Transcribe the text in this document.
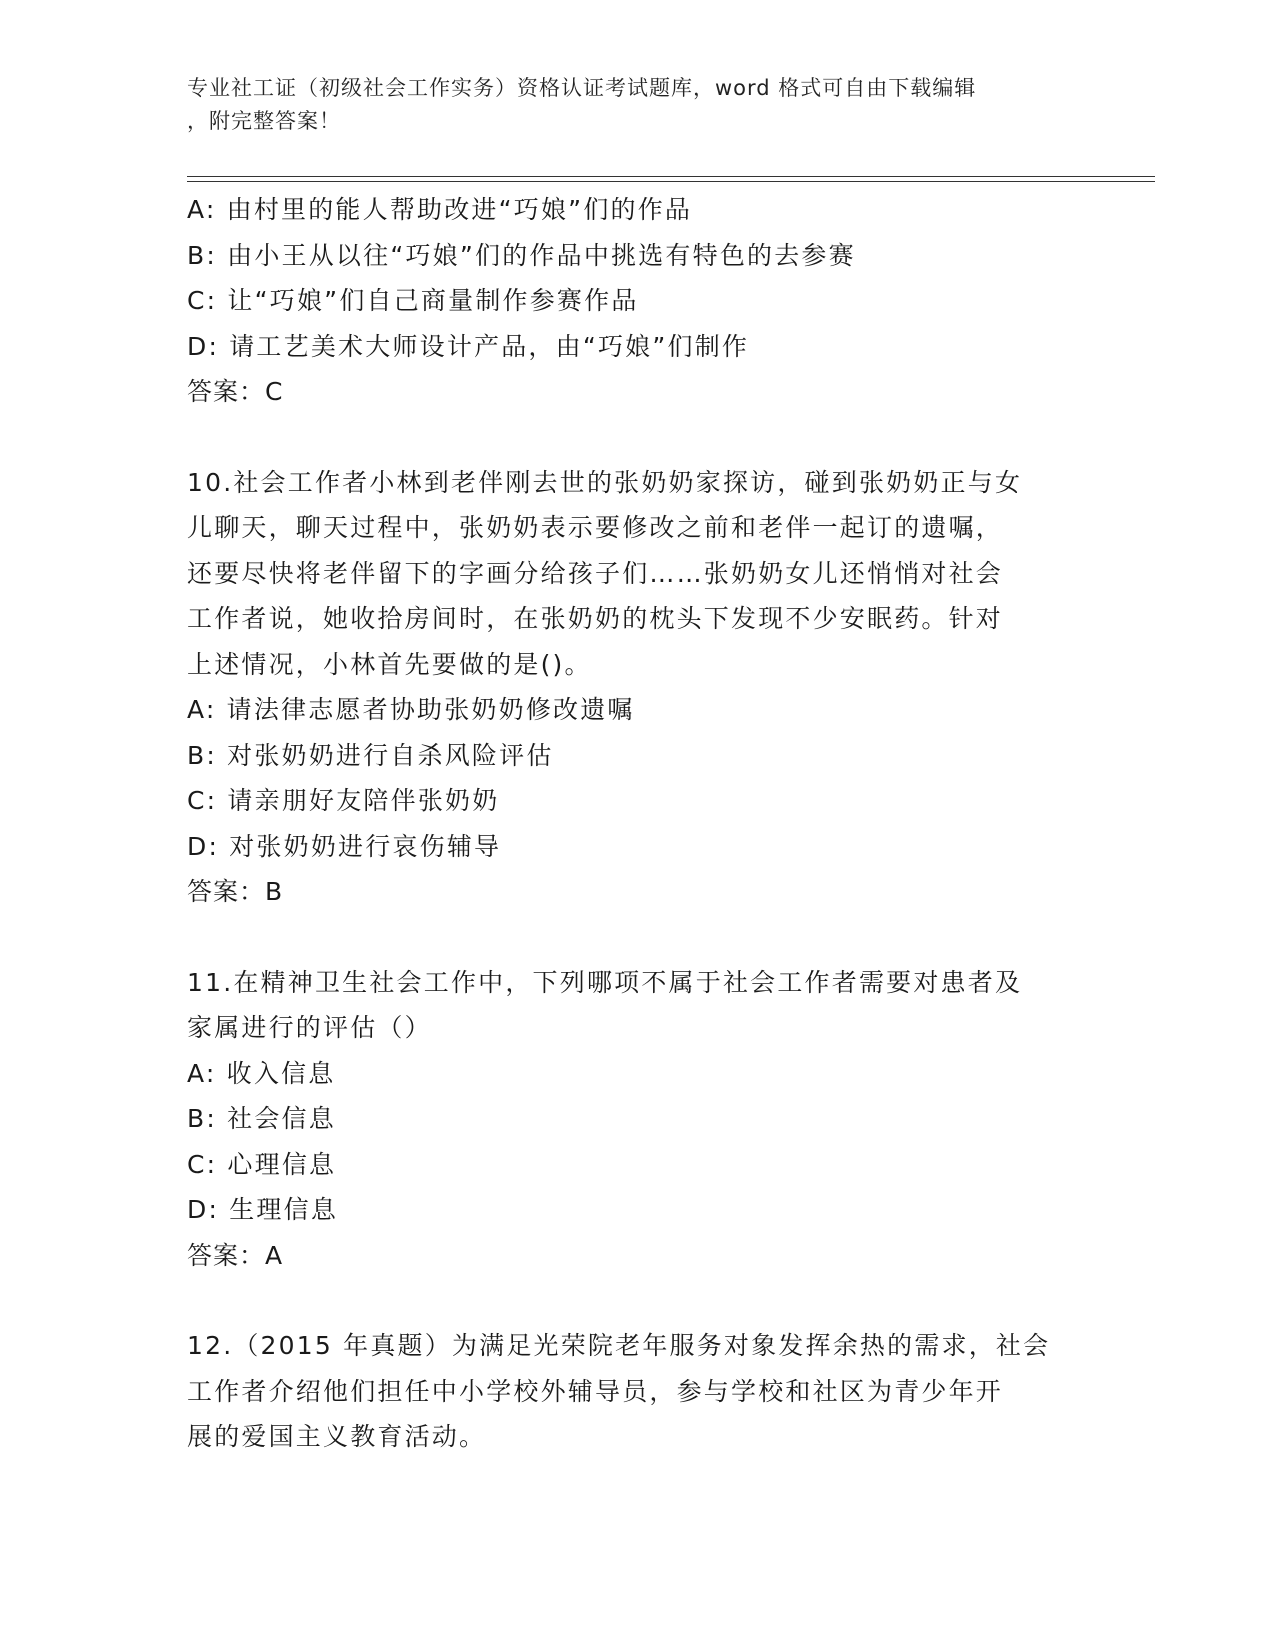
专业社工证（初级社会工作实务）资格认证考试题库，word 格式可自由下载编辑
，附完整答案！
A: 由村里的能人帮助改进“巧娘”们的作品
B: 由小王从以往“巧娘”们的作品中挑选有特色的去参赛
C: 让“巧娘”们自己商量制作参赛作品
D: 请工艺美术大师设计产品，由“巧娘”们制作
答案：C
10.社会工作者小林到老伴刚去世的张奶奶家探访，碰到张奶奶正与女
儿聊天，聊天过程中，张奶奶表示要修改之前和老伴一起订的遗嘱，
还要尽快将老伴留下的字画分给孩子们……张奶奶女儿还悄悄对社会
工作者说，她收拾房间时，在张奶奶的枕头下发现不少安眠药。针对
上述情况，小林首先要做的是()。
A: 请法律志愿者协助张奶奶修改遗嘱
B: 对张奶奶进行自杀风险评估
C: 请亲朋好友陪伴张奶奶
D: 对张奶奶进行哀伤辅导
答案：B
11.在精神卫生社会工作中，下列哪项不属于社会工作者需要对患者及
家属进行的评估（）
A: 收入信息
B: 社会信息
C: 心理信息
D: 生理信息
答案：A
12.（2015 年真题）为满足光荣院老年服务对象发挥余热的需求，社会
工作者介绍他们担任中小学校外辅导员，参与学校和社区为青少年开
展的爱国主义教育活动。
